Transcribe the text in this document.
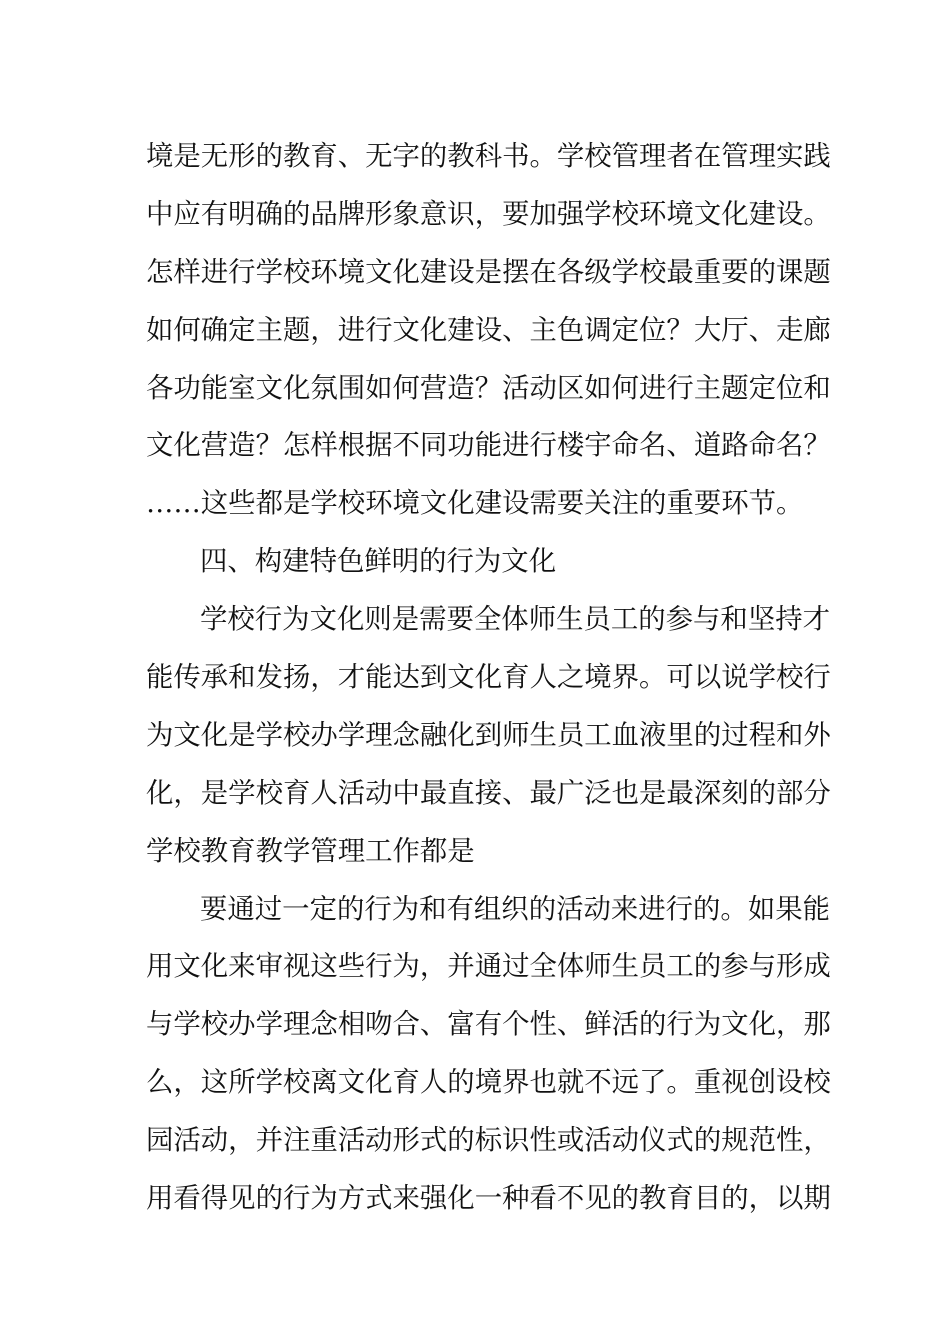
境是无形的教育、无字的教科书。学校管理者在管理实践
中应有明确的品牌形象意识，要加强学校环境文化建设。
怎样进行学校环境文化建设是摆在各级学校最重要的课题
如何确定主题，进行文化建设、主色调定位？大厅、走廊
各功能室文化氛围如何营造？活动区如何进行主题定位和
文化营造？怎样根据不同功能进行楼宇命名、道路命名？
……这些都是学校环境文化建设需要关注的重要环节。
四、构建特色鲜明的行为文化
学校行为文化则是需要全体师生员工的参与和坚持才
能传承和发扬，才能达到文化育人之境界。可以说学校行
为文化是学校办学理念融化到师生员工血液里的过程和外
化，是学校育人活动中最直接、最广泛也是最深刻的部分
学校教育教学管理工作都是
要通过一定的行为和有组织的活动来进行的。如果能
用文化来审视这些行为，并通过全体师生员工的参与形成
与学校办学理念相吻合、富有个性、鲜活的行为文化，那
么，这所学校离文化育人的境界也就不远了。重视创设校
园活动，并注重活动形式的标识性或活动仪式的规范性，
用看得见的行为方式来强化一种看不见的教育目的，以期
